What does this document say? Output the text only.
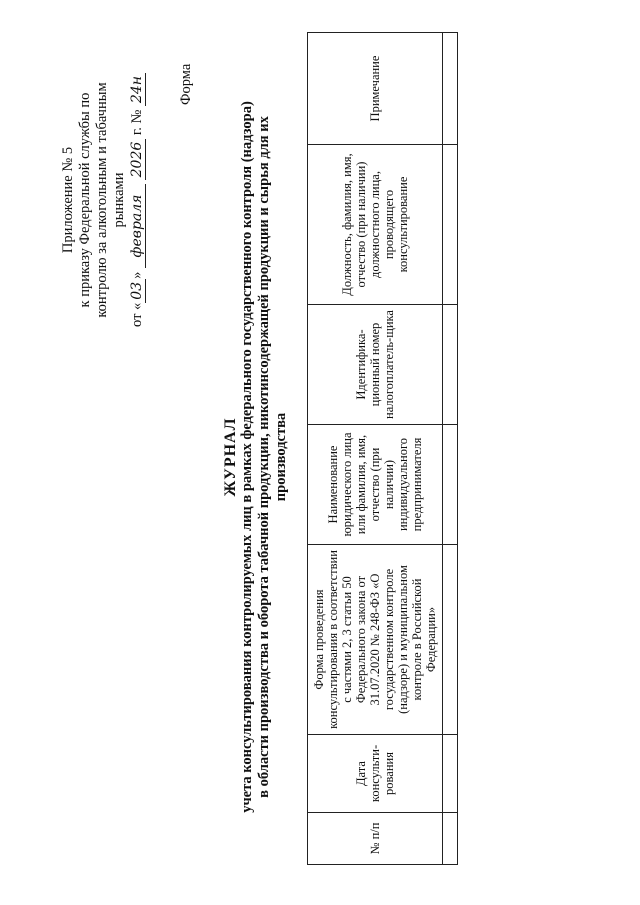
Приложение № 5 к приказу Федеральной службы по контролю за алкогольным и табачным рынками
от «03» февраля 2026 г. № 24н Форма
ЖУРНАЛ учета консультирования контролируемых лиц в рамках федерального государственного контроля (надзора) в области производства и оборота табачной продукции, никотинсодержащей продукции и сырья для их производства
№ п/п	Дата консульти-рования	Форма проведения консультирования в соответствии с частями 2, 3 статьи 50 Федерального закона от 31.07.2020 № 248-ФЗ «О государственном контроле (надзоре) и муниципальном контроле в Российской Федерации»	Наименование юридического лица или фамилия, имя, отчество (при наличии) индивидуального предпринимателя	Идентифика-ционный номер налогоплатель-щика	Должность, фамилия, имя, отчество (при наличии) должностного лица, проводящего консультирование	Примечание
